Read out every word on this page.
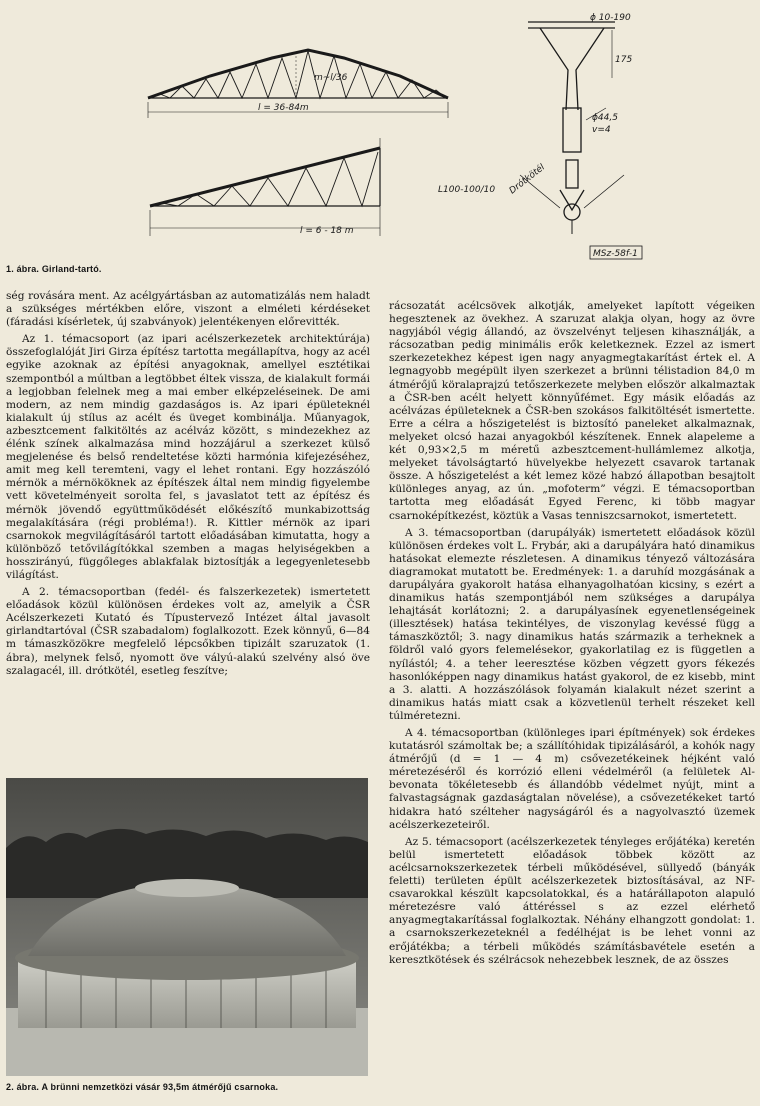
m~l/36
l = 36-84m
l = 6 - 18 m
ϕ 10-190
175
ϕ44,5
v=4
Drótkötél
L100-100/10
MSz-58f-1
1. ábra. Girland-tartó.

ség rovására ment. Az acélgyártásban az automatizálás nem haladt a szükséges mértékben előre, viszont a elméleti kérdéseket (fáradási kísérletek, új szabványok) jelentékenyen előrevitték.

Az 1. témacsoport (az ipari acélszerkezetek architektúrája) összefoglalóját Jiri Girza építész tartotta megállapítva, hogy az acél egyike azoknak az építési anyagoknak, amellyel esztétikai szempontból a múltban a legtöbbet éltek vissza, de kialakult formái a legjobban felelnek meg a mai ember elképzeléseinek. De ami modern, az nem mindig gazdaságos is. Az ipari épületeknél kialakult új stílus az acélt és üveget kombinálja. Műanyagok, azbesztcement falkitöltés az acélváz között, s mindezekhez az élénk színek alkalmazása mind hozzájárul a szerkezet külső megjelenése és belső rendeltetése közti harmónia kifejezéséhez, amit meg kell teremteni, vagy el lehet rontani. Egy hozzászóló mérnök a mérnököknek az építészek által nem mindig figyelembe vett követelményeit sorolta fel, s javaslatot tett az építész és mérnök jövendő együttműködését előkészítő munkabizottság megalakítására (régi probléma!). R. Kittler mérnök az ipari csarnokok megvilágításáról tartott előadásában kimutatta, hogy a különböző tetővilágítókkal szemben a magas helyiségekben a hosszirányú, függőleges ablakfalak biztosítják a legegyenletesebb világítást.

A 2. témacsoportban (fedél- és falszerkezetek) ismertetett előadások közül különösen érdekes volt az, amelyik a ČSR Acélszerkezeti Kutató és Típustervező Intézet által javasolt girlandtartóval (ČSR szabadalom) foglalkozott. Ezek könnyű, 6—84 m támaszközökre megfelelő lépcsőkben tipizált szaruzatok (1. ábra), melynek felső, nyomott öve vályú-alakú szelvény alsó öve szalagacél, ill. drótkötél, esetleg feszítve;

2. ábra. A brünni nemzetközi vásár 93,5m átmérőjű csarnoka.

rácsozatát acélcsövek alkotják, amelyeket lapított végeiken hegesztenek az övekhez. A szaruzat alakja olyan, hogy az övre nagyjából végig állandó, az övszelvényt teljesen kihasználják, a rácsozatban pedig minimális erők keletkeznek. Ezzel az ismert szerkezetekhez képest igen nagy anyagmegtakarítást értek el. A legnagyobb megépült ilyen szerkezet a brünni télistadion 84,0 m átmérőjű köralaprajzú tetőszerkezete melyben először alkalmaztak a ČSR-ben acélt helyett könnyűfémet. Egy másik előadás az acélvázas épületeknek a ČSR-ben szokásos falkitöltését ismertette. Erre a célra a hőszigetelést is biztosító paneleket alkalmaznak, melyeket olcsó hazai anyagokból készítenek. Ennek alapeleme a két 0,93×2,5 m méretű azbesztcement-hullámlemez alkotja, melyeket távolságtartó hüvelyekbe helyezett csavarok tartanak össze. A hőszigetelést a két lemez közé habzó állapotban besajtolt különleges anyag, az ún. „mofoterm” végzi. E témacsoportban tartotta meg előadását Egyed Ferenc, ki több magyar csarnoképítkezést, köztük a Vasas tenniszcsarnokot, ismertetett.

A 3. témacsoportban (darupályák) ismertetett előadások közül különösen érdekes volt L. Frybár, aki a darupályára ható dinamikus hatásokat elemezte részletesen. A dinamikus tényező változására diagramokat mutatott be. Eredmények: 1. a daruhíd mozgásának a darupályára gyakorolt hatása elhanyagolhatóan kicsiny, s ezért a dinamikus hatás szempontjából nem szükséges a darupálya lehajtását korlátozni; 2. a darupályasínek egyenetlenségeinek (illesztések) hatása tekintélyes, de viszonylag kevéssé függ a támaszköztől; 3. nagy dinamikus hatás származik a terheknek a földről való gyors felemelésekor, gyakorlatilag ez is független a nyílástól; 4. a teher leeresztése közben végzett gyors fékezés hasonlóképpen nagy dinamikus hatást gyakorol, de ez kisebb, mint a 3. alatti. A hozzászólások folyamán kialakult nézet szerint a dinamikus hatás miatt csak a közvetlenül terhelt részeket kell túlméretezni.

A 4. témacsoportban (különleges ipari építmények) sok érdekes kutatásról számoltak be; a szállítóhidak tipizálásáról, a kohók nagy átmérőjű (d = 1 — 4 m) csővezetékeinek héjként való méretezéséről és korrózió elleni védelméről (a felületek Al-bevonata tökéletesebb és állandóbb védelmet nyújt, mint a falvastagságnak gazdaságtalan növelése), a csővezetékeket tartó hidakra ható szélteher nagyságáról és a nagyolvasztó üzemek acélszerkezeteiről.

Az 5. témacsoport (acélszerkezetek tényleges erőjátéka) keretén belül ismertetett előadások többek között az acélcsarnokszerkezetek térbeli működésével, süllyedő (bányák feletti) területen épült acélszerkezetek biztosításával, az NF-csavarokkal készült kapcsolatokkal, és a határállapoton alapuló méretezésre való áttéréssel s az ezzel elérhető anyagmegtakarítással foglalkoztak. Néhány elhangzott gondolat: 1. a csarnokszerkezeteknél a fedélhéjat is be lehet vonni az erőjátékba; a térbeli működés számításbavétele esetén a keresztkötések és szélrácsok nehezebbek lesznek, de az összes
